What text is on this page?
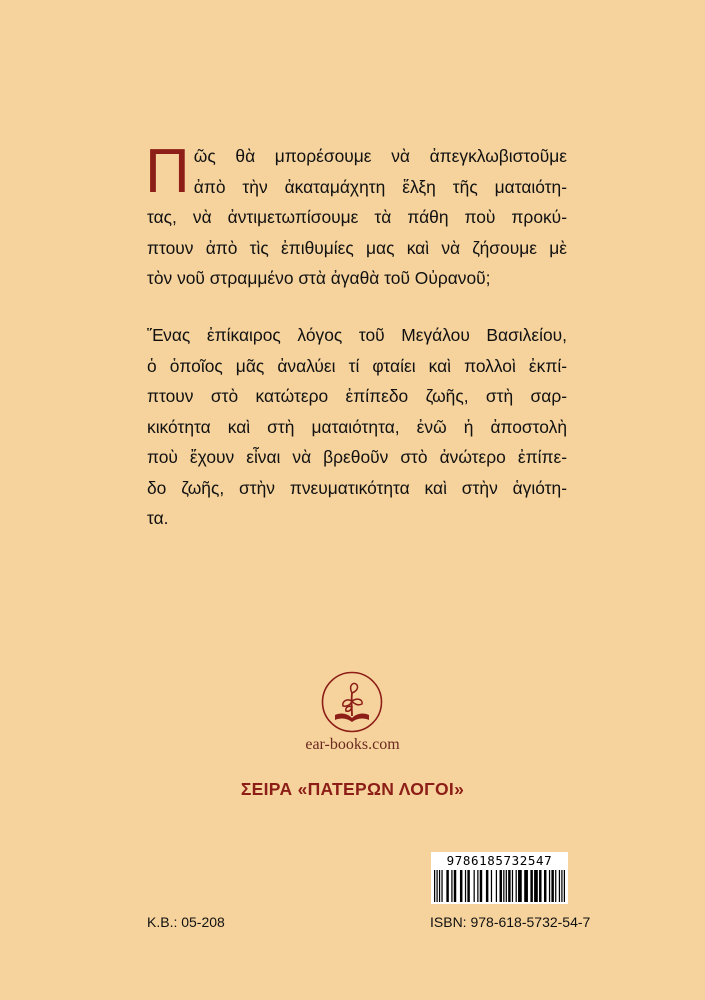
Π ῶς θὰ μπορέσουμε νὰ ἀπεγκλωβιστοῦμε
ἀπὸ τὴν ἀκαταμάχητη ἕλξη τῆς ματαιότη-
τας, νὰ ἀντιμετωπίσουμε τὰ πάθη ποὺ προκύ-
πτουν ἀπὸ τὶς ἐπιθυμίες μας καὶ νὰ ζήσουμε μὲ
τὸν νοῦ στραμμένο στὰ ἀγαθὰ τοῦ Οὐρανοῦ;
Ἕνας ἐπίκαιρος λόγος τοῦ Μεγάλου Βασιλείου,
ὁ ὁποῖος μᾶς ἀναλύει τί φταίει καὶ πολλοὶ ἐκπί-
πτουν στὸ κατώτερο ἐπίπεδο ζωῆς, στὴ σαρ-
κικότητα καὶ στὴ ματαιότητα, ἐνῶ ἡ ἀποστολὴ
ποὺ ἔχουν εἶναι νὰ βρεθοῦν στὸ ἀνώτερο ἐπίπε-
δο ζωῆς, στὴν πνευματικότητα καὶ στὴν ἁγιότη-
τα.
ear-books.com
ΣΕΙΡΑ «ΠΑΤΕΡΩΝ ΛΟΓΟΙ»
9786185732547
Κ.Β.: 05-208	ISBN: 978-618-5732-54-7
